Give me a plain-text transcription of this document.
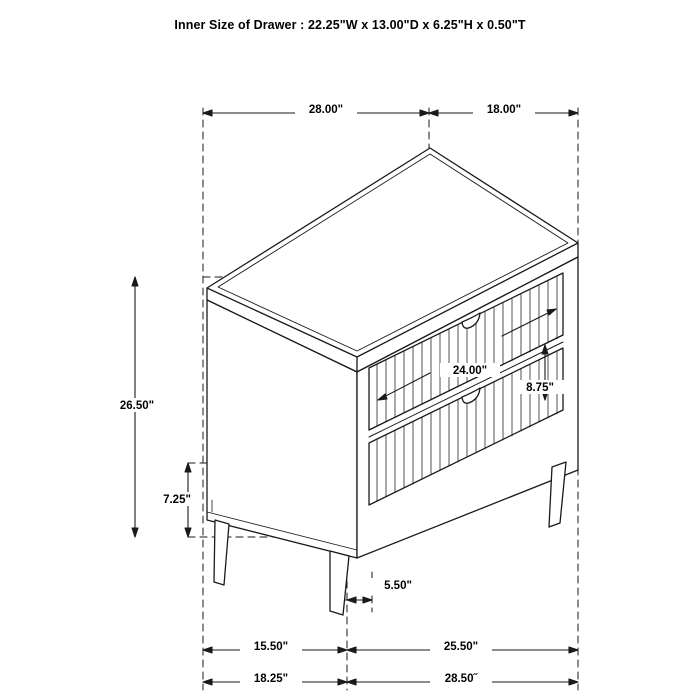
Inner Size of Drawer : 22.25"W x 13.00"D x 6.25"H x 0.50"T
28.00"	18.00"
26.50"
7.25"
24.00"
8.75"
5.50"
15.50"	25.50"
18.25"	28.50˝
